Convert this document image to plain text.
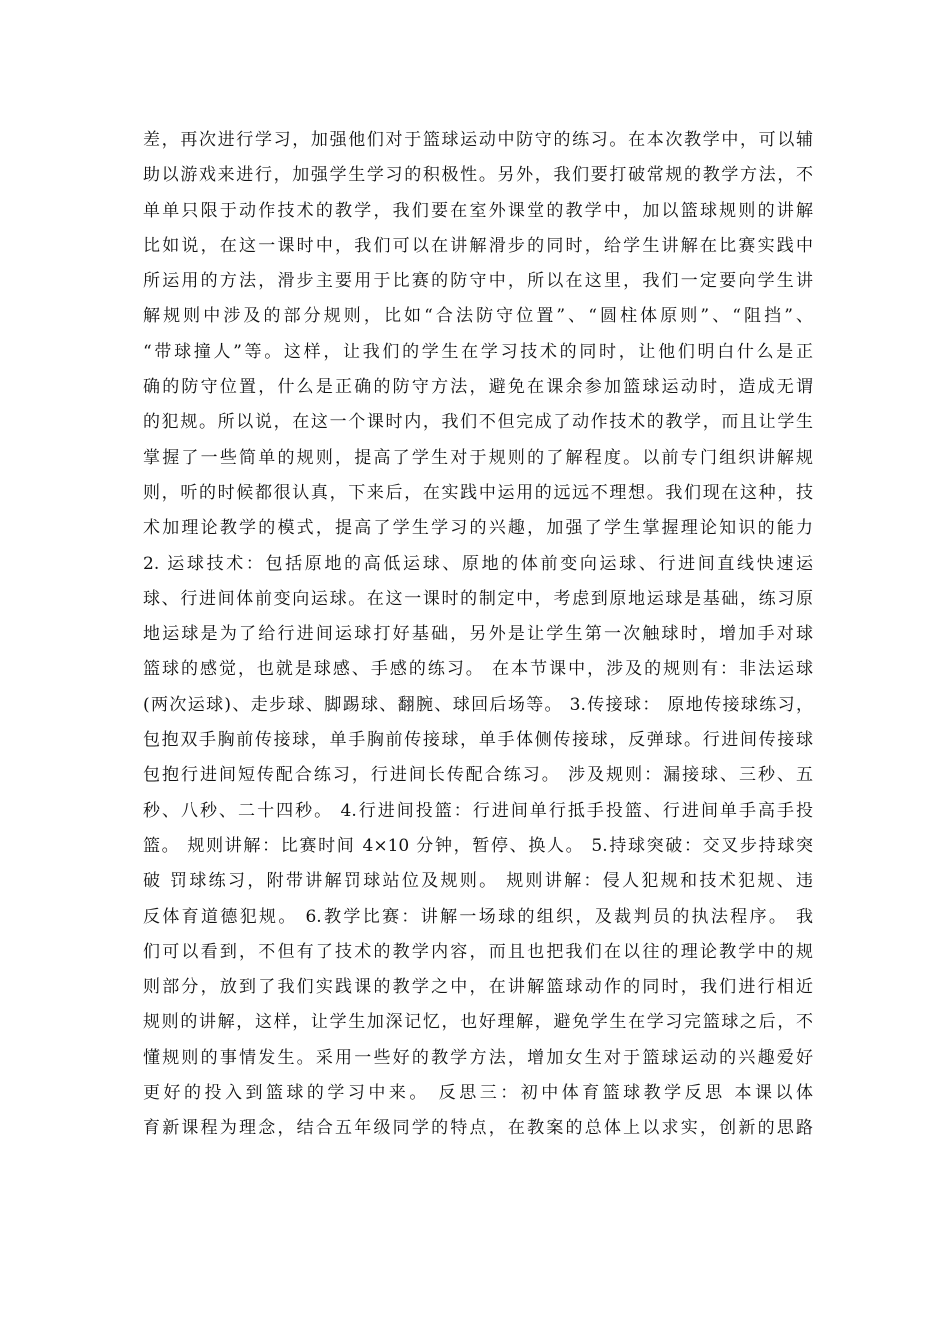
差，再次进行学习，加强他们对于篮球运动中防守的练习。在本次教学中，可以辅
助以游戏来进行，加强学生学习的积极性。另外，我们要打破常规的教学方法，不
单单只限于动作技术的教学，我们要在室外课堂的教学中，加以篮球规则的讲解
比如说，在这一课时中，我们可以在讲解滑步的同时，给学生讲解在比赛实践中
所运用的方法，滑步主要用于比赛的防守中，所以在这里，我们一定要向学生讲
解规则中涉及的部分规则，比如“合法防守位置”、“圆柱体原则”、“阻挡”、
“带球撞人”等。这样，让我们的学生在学习技术的同时，让他们明白什么是正
确的防守位置，什么是正确的防守方法，避免在课余参加篮球运动时，造成无谓
的犯规。所以说，在这一个课时内，我们不但完成了动作技术的教学，而且让学生
掌握了一些简单的规则，提高了学生对于规则的了解程度。以前专门组织讲解规
则，听的时候都很认真，下来后，在实践中运用的远远不理想。我们现在这种，技
术加理论教学的模式，提高了学生学习的兴趣，加强了学生掌握理论知识的能力
2. 运球技术：包括原地的高低运球、原地的体前变向运球、行进间直线快速运
球、行进间体前变向运球。在这一课时的制定中，考虑到原地运球是基础，练习原
地运球是为了给行进间运球打好基础，另外是让学生第一次触球时，增加手对球
篮球的感觉，也就是球感、手感的练习。 在本节课中，涉及的规则有：非法运球
(两次运球)、走步球、脚踢球、翻腕、球回后场等。 3.传接球： 原地传接球练习，
包抱双手胸前传接球，单手胸前传接球，单手体侧传接球，反弹球。行进间传接球
包抱行进间短传配合练习，行进间长传配合练习。 涉及规则：漏接球、三秒、五
秒、八秒、二十四秒。 4.行进间投篮：行进间单行抵手投篮、行进间单手高手投
篮。 规则讲解：比赛时间 4×10 分钟，暂停、换人。 5.持球突破：交叉步持球突
破 罚球练习，附带讲解罚球站位及规则。 规则讲解：侵人犯规和技术犯规、违
反体育道德犯规。 6.教学比赛：讲解一场球的组织，及裁判员的执法程序。 我
们可以看到，不但有了技术的教学内容，而且也把我们在以往的理论教学中的规
则部分，放到了我们实践课的教学之中，在讲解篮球动作的同时，我们进行相近
规则的讲解，这样，让学生加深记忆，也好理解，避免学生在学习完篮球之后，不
懂规则的事情发生。采用一些好的教学方法，增加女生对于篮球运动的兴趣爱好
更好的投入到篮球的学习中来。 反思三：初中体育篮球教学反思 本课以体
育新课程为理念，结合五年级同学的特点，在教案的总体上以求实，创新的思路
